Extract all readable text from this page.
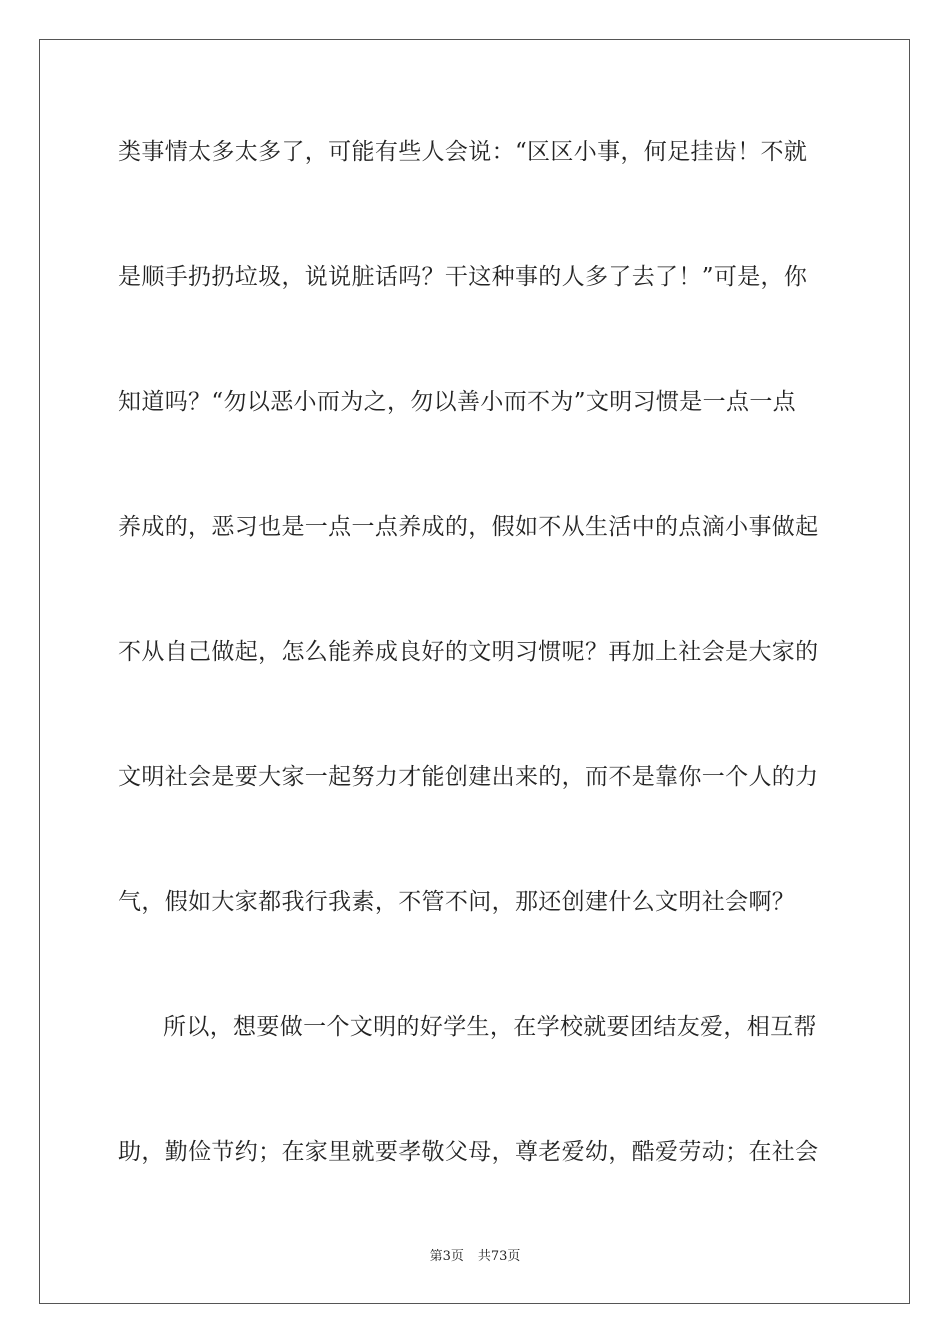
类事情太多太多了，可能有些人会说：“区区小事，何足挂齿！不就
是顺手扔扔垃圾，说说脏话吗？干这种事的人多了去了！”可是，你
知道吗？“勿以恶小而为之，勿以善小而不为”文明习惯是一点一点
养成的，恶习也是一点一点养成的，假如不从生活中的点滴小事做起
不从自己做起，怎么能养成良好的文明习惯呢？再加上社会是大家的
文明社会是要大家一起努力才能创建出来的，而不是靠你一个人的力
气，假如大家都我行我素，不管不问，那还创建什么文明社会啊？
所以，想要做一个文明的好学生，在学校就要团结友爱，相互帮
助，勤俭节约；在家里就要孝敬父母，尊老爱幼，酷爱劳动；在社会
第3页 共73页
